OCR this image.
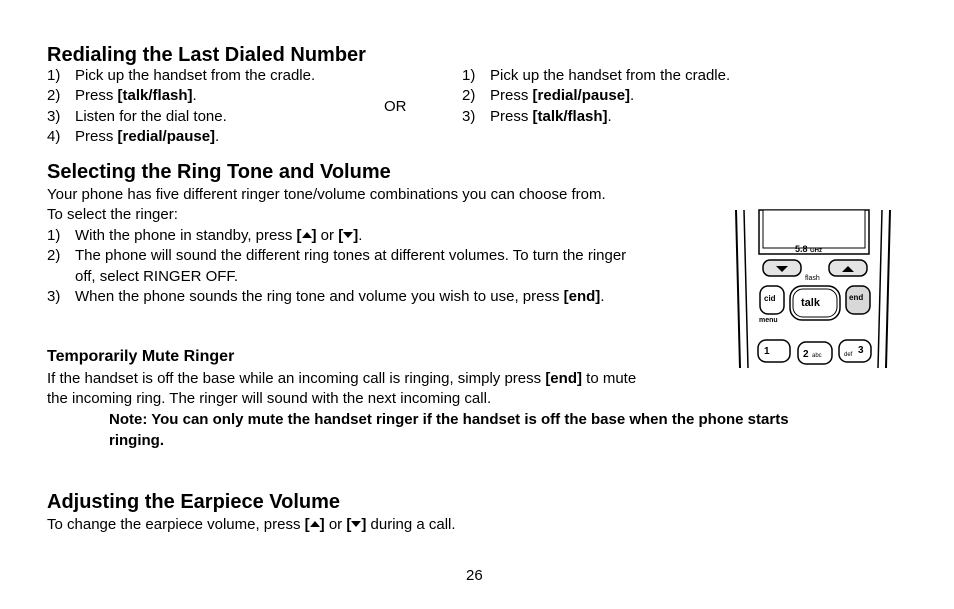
Redialing the Last Dialed Number
1) Pick up the handset from the cradle.
2) Press [talk/flash].
3) Listen for the dial tone.
4) Press [redial/pause].
OR
1) Pick up the handset from the cradle.
2) Press [redial/pause].
3) Press [talk/flash].
Selecting the Ring Tone and Volume
Your phone has five different ringer tone/volume combinations you can choose from.
To select the ringer:
1) With the phone in standby, press [ ] or [ ].
2) The phone will sound the different ring tones at different volumes. To turn the ringer
off, select RINGER OFF.
3) When the phone sounds the ring tone and volume you wish to use, press [end].
Temporarily Mute Ringer
If the handset is off the base while an incoming call is ringing, simply press [end] to mute
the incoming ring. The ringer will sound with the next incoming call.
Note: You can only mute the handset ringer if the handset is off the base when the phone starts
ringing.
Adjusting the Earpiece Volume
To change the earpiece volume, press [ ] or [ ] during a call.
26
5.8 GHz
flash
cid talk	end
menu
1	2 abc	def 3
